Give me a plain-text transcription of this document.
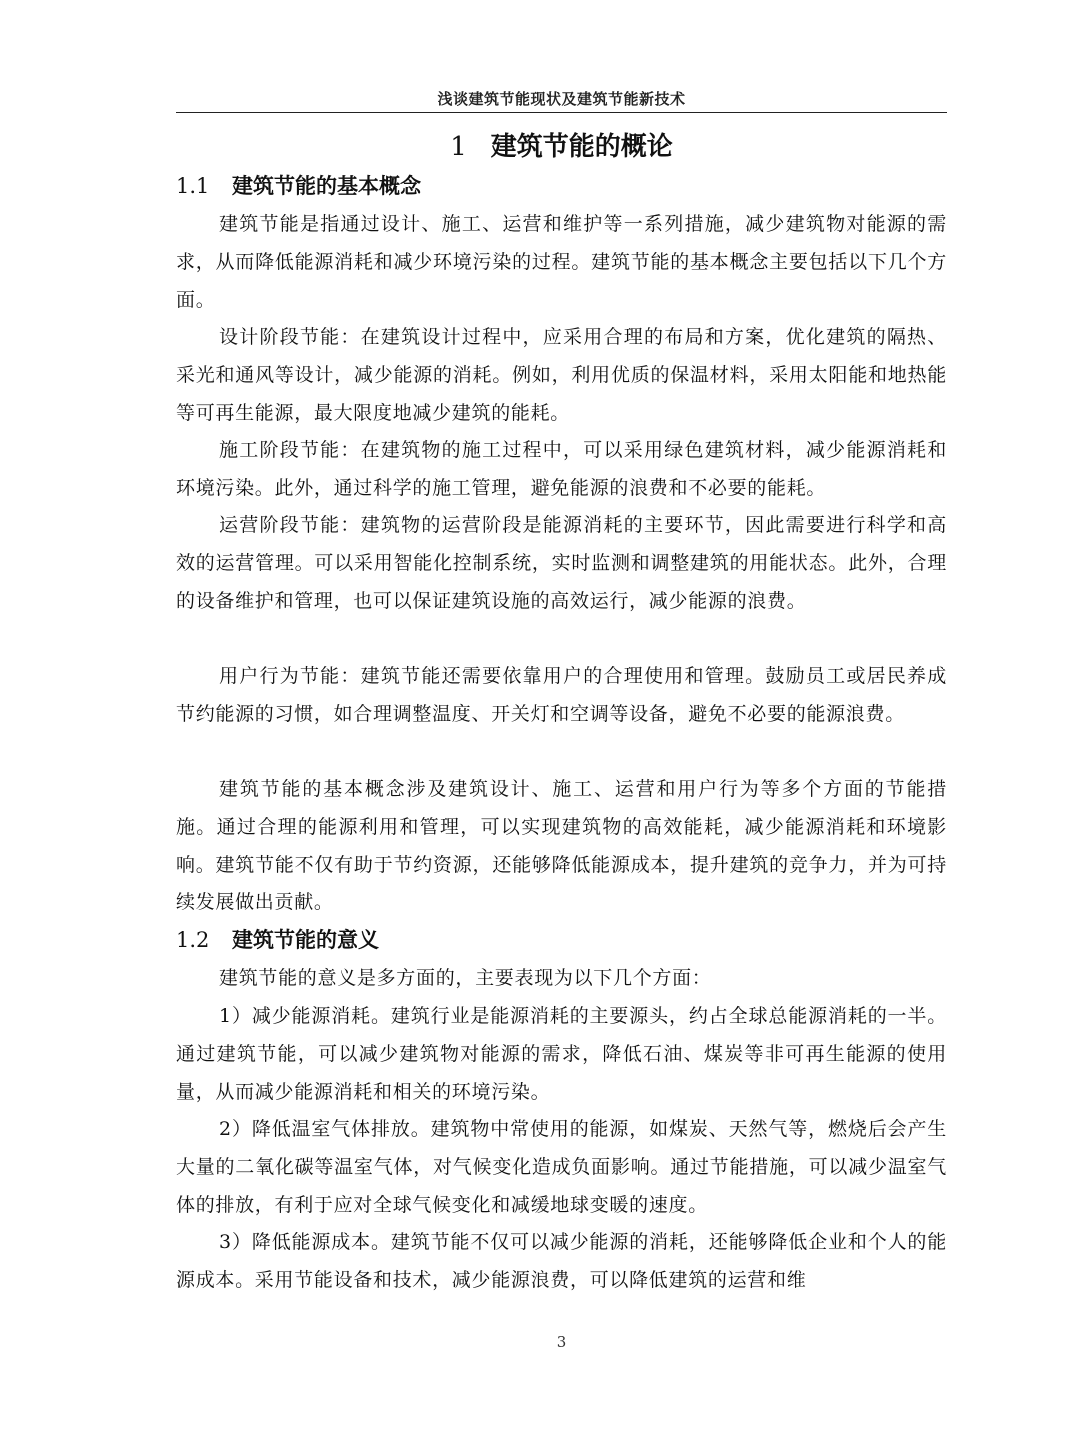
浅谈建筑节能现状及建筑节能新技术
1 建筑节能的概论
1.1 建筑节能的基本概念

建筑节能是指通过设计、施工、运营和维护等一系列措施，减少建筑物对能源的需求，从而降低能源消耗和减少环境污染的过程。建筑节能的基本概念主要包括以下几个方面。

设计阶段节能：在建筑设计过程中，应采用合理的布局和方案，优化建筑的隔热、采光和通风等设计，减少能源的消耗。例如，利用优质的保温材料，采用太阳能和地热能等可再生能源，最大限度地减少建筑的能耗。

施工阶段节能：在建筑物的施工过程中，可以采用绿色建筑材料，减少能源消耗和环境污染。此外，通过科学的施工管理，避免能源的浪费和不必要的能耗。

运营阶段节能：建筑物的运营阶段是能源消耗的主要环节，因此需要进行科学和高效的运营管理。可以采用智能化控制系统，实时监测和调整建筑的用能状态。此外，合理的设备维护和管理，也可以保证建筑设施的高效运行，减少能源的浪费。

用户行为节能：建筑节能还需要依靠用户的合理使用和管理。鼓励员工或居民养成节约能源的习惯，如合理调整温度、开关灯和空调等设备，避免不必要的能源浪费。

建筑节能的基本概念涉及建筑设计、施工、运营和用户行为等多个方面的节能措施。通过合理的能源利用和管理，可以实现建筑物的高效能耗，减少能源消耗和环境影响。建筑节能不仅有助于节约资源，还能够降低能源成本，提升建筑的竞争力，并为可持续发展做出贡献。

1.2 建筑节能的意义

建筑节能的意义是多方面的，主要表现为以下几个方面：

1）减少能源消耗。建筑行业是能源消耗的主要源头，约占全球总能源消耗的一半。通过建筑节能，可以减少建筑物对能源的需求，降低石油、煤炭等非可再生能源的使用量，从而减少能源消耗和相关的环境污染。

2）降低温室气体排放。建筑物中常使用的能源，如煤炭、天然气等，燃烧后会产生大量的二氧化碳等温室气体，对气候变化造成负面影响。通过节能措施，可以减少温室气体的排放，有利于应对全球气候变化和减缓地球变暖的速度。

3）降低能源成本。建筑节能不仅可以减少能源的消耗，还能够降低企业和个人的能源成本。采用节能设备和技术，减少能源浪费，可以降低建筑的运营和维

3
